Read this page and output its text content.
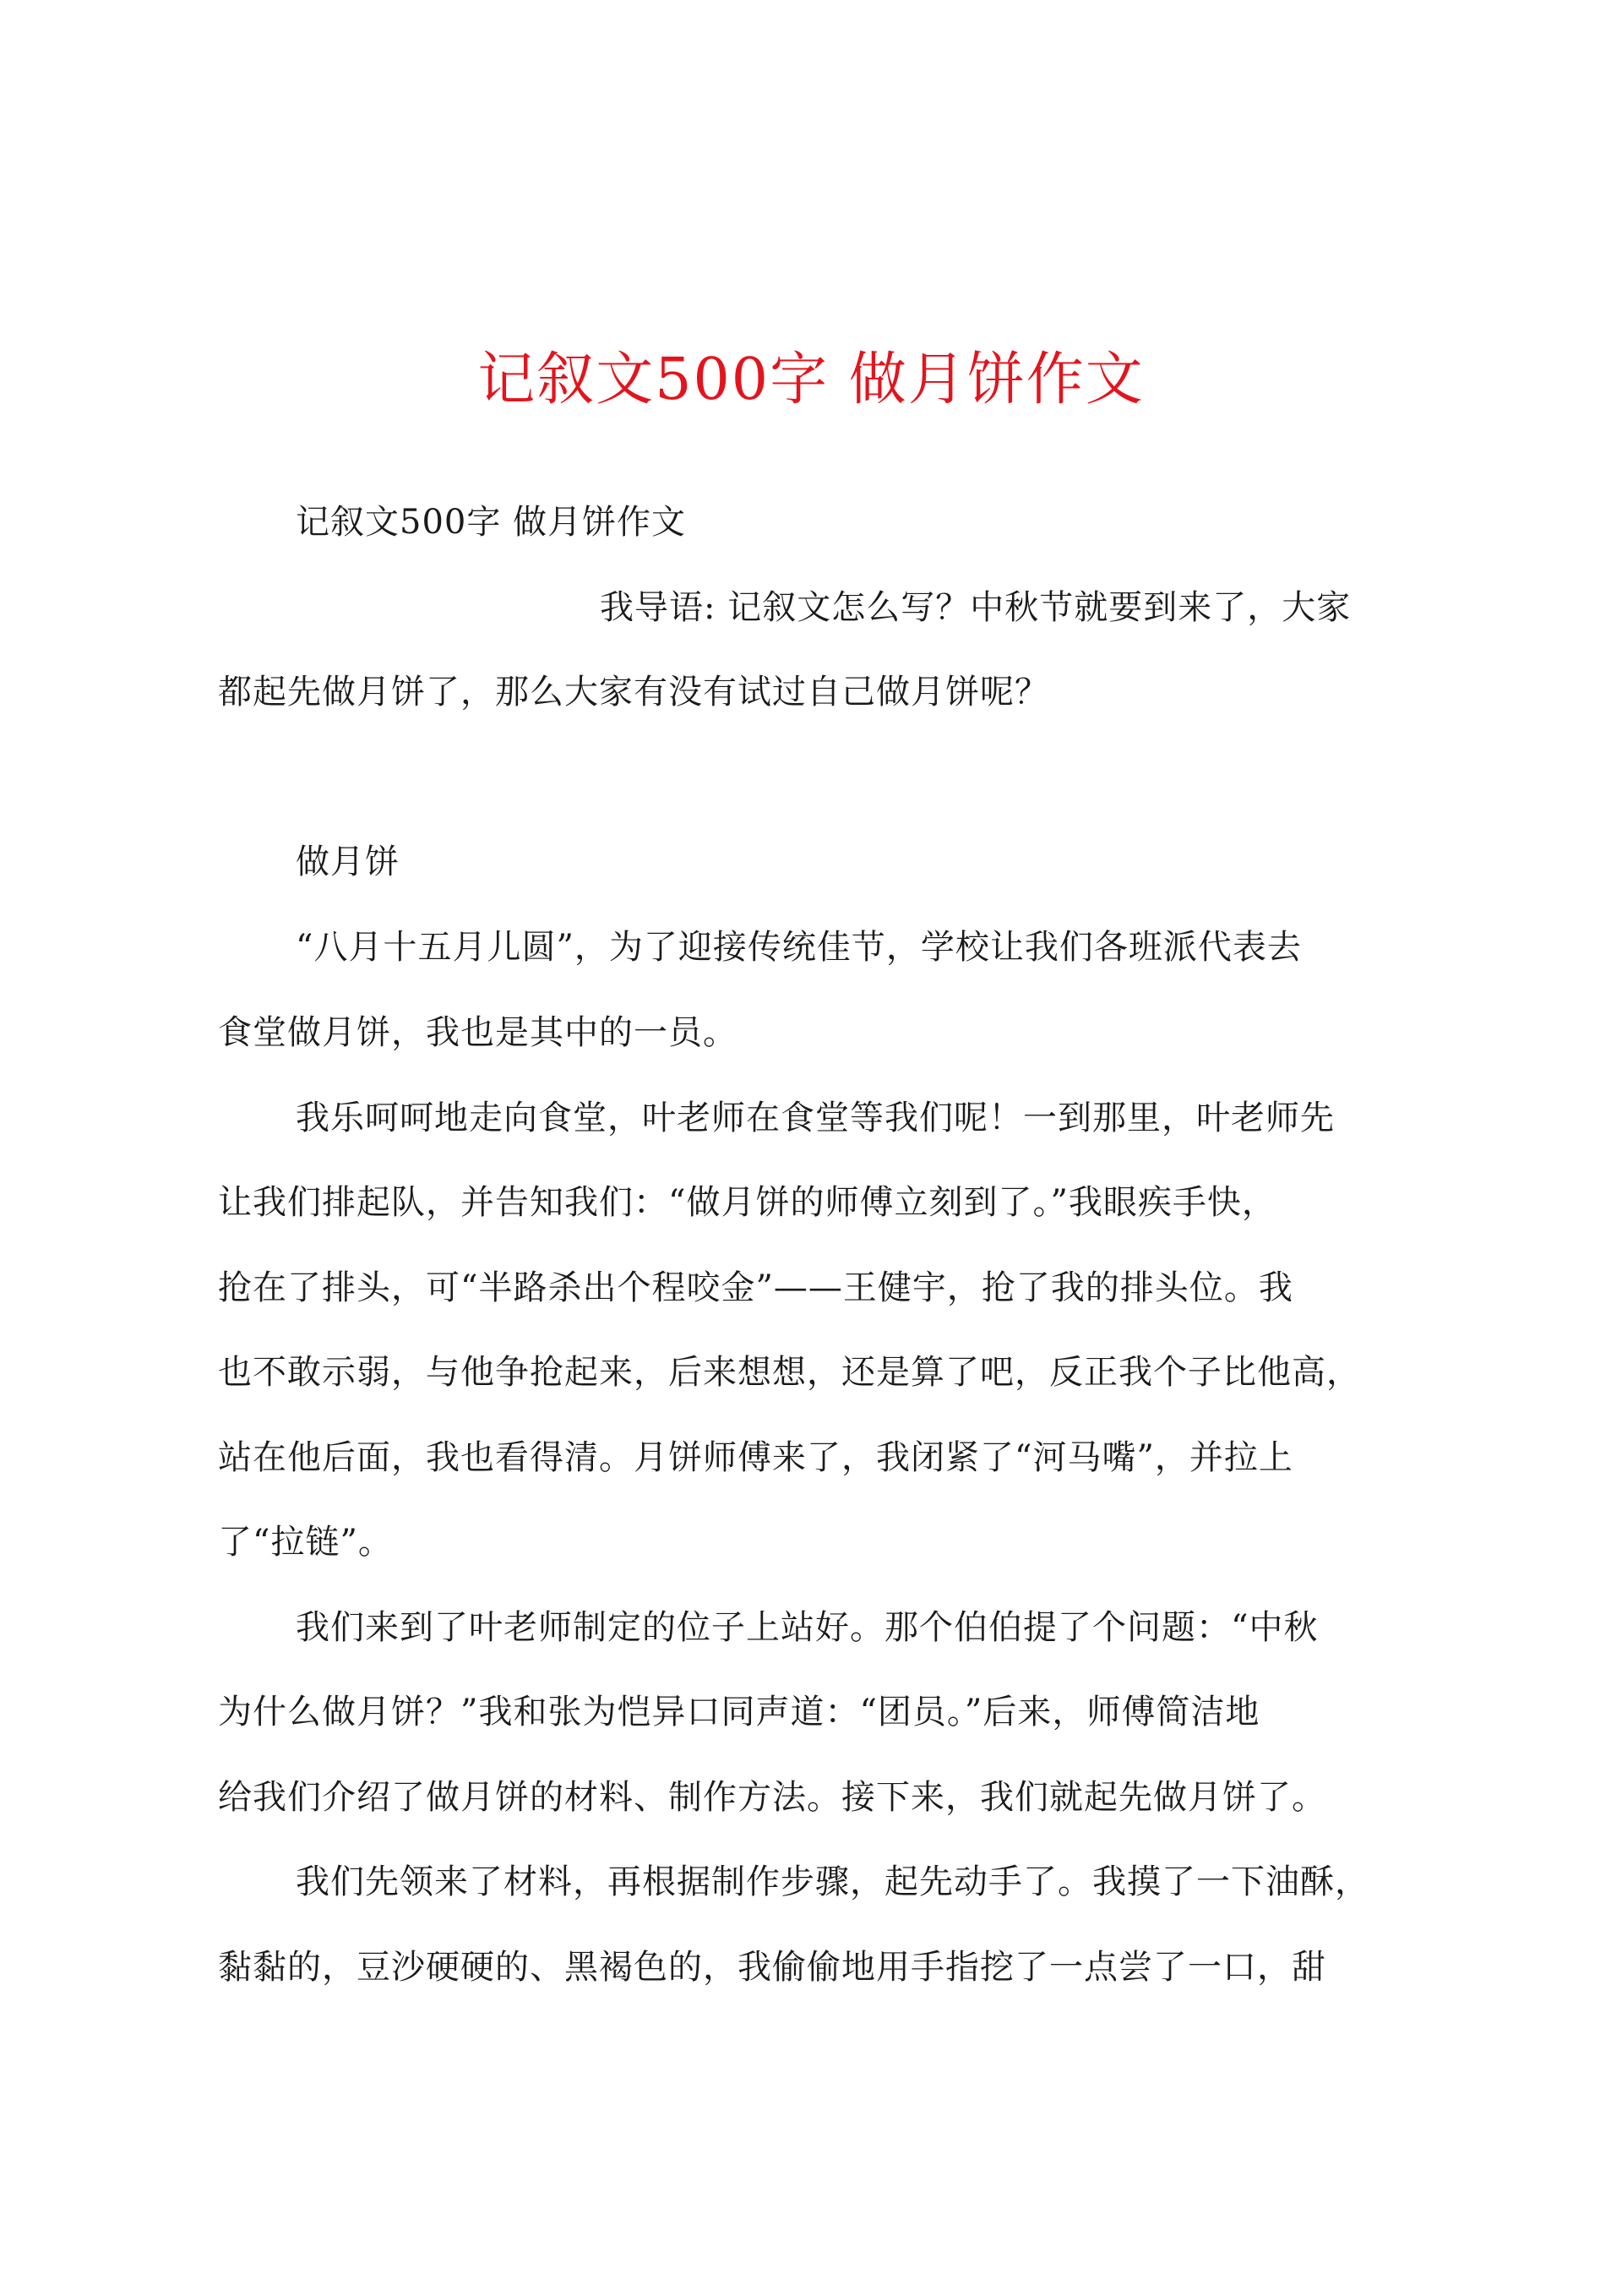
记叙文500字 做月饼作文
记叙文500字 做月饼作文
我导语: 记叙文怎么写？中秋节就要到来了，大家
都起先做月饼了，那么大家有没有试过自己做月饼呢？
做月饼
“八月十五月儿圆”，为了迎接传统佳节，学校让我们各班派代表去
食堂做月饼，我也是其中的一员。
我乐呵呵地走向食堂，叶老师在食堂等我们呢！一到那里，叶老师先
让我们排起队，并告知我们：“做月饼的师傅立刻到了。”我眼疾手快，
抢在了排头，可“半路杀出个程咬金”——王健宇，抢了我的排头位。我
也不敢示弱，与他争抢起来，后来想想，还是算了吧，反正我个子比他高，
站在他后面，我也看得清。月饼师傅来了，我闭紧了“河马嘴”，并拉上
了“拉链”。
我们来到了叶老师制定的位子上站好。那个伯伯提了个问题：“中秋
为什么做月饼？”我和张为恺异口同声道：“团员。”后来，师傅简洁地
给我们介绍了做月饼的材料、制作方法。接下来，我们就起先做月饼了。
我们先领来了材料，再根据制作步骤，起先动手了。我摸了一下油酥，
黏黏的，豆沙硬硬的、黑褐色的，我偷偷地用手指挖了一点尝了一口，甜
